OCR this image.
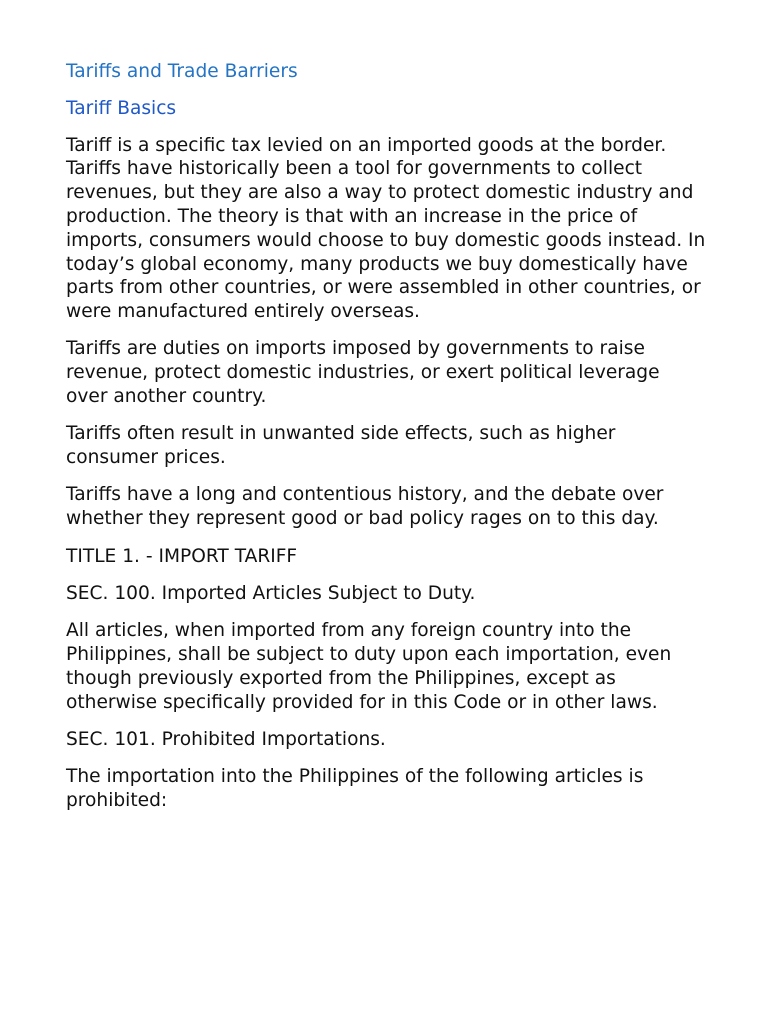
Tariffs and Trade Barriers
Tariff Basics

Tariff is a specific tax levied on an imported goods at the border. Tariffs have historically been a tool for governments to collect revenues, but they are also a way to protect domestic industry and production. The theory is that with an increase in the price of imports, consumers would choose to buy domestic goods instead. In today’s global economy, many products we buy domestically have parts from other countries, or were assembled in other countries, or were manufactured entirely overseas.

Tariffs are duties on imports imposed by governments to raise revenue, protect domestic industries, or exert political leverage over another country.

Tariffs often result in unwanted side effects, such as higher consumer prices.

Tariffs have a long and contentious history, and the debate over whether they represent good or bad policy rages on to this day.

TITLE 1. - IMPORT TARIFF

SEC. 100. Imported Articles Subject to Duty.

All articles, when imported from any foreign country into the Philippines, shall be subject to duty upon each importation, even though previously exported from the Philippines, except as otherwise specifically provided for in this Code or in other laws.

SEC. 101. Prohibited Importations.

The importation into the Philippines of the following articles is prohibited:
